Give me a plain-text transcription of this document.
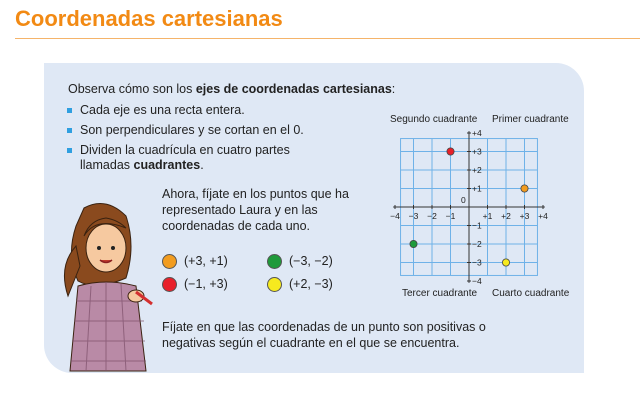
Coordenadas cartesianas
Observa cómo son los ejes de coordenadas cartesianas:
Cada eje es una recta entera.
Son perpendiculares y se cortan en el 0.
Dividen la cuadrícula en cuatro partes llamadas cuadrantes.
Ahora, fíjate en los puntos que ha representado Laura y en las coordenadas de cada uno.
(+3, +1)	(−3, −2)
(−1, +3)	(+2, −3)
Fíjate en que las coordenadas de un punto son positivas o negativas según el cuadrante en el que se encuentra.
Segundo cuadrante Primer cuadrante
Tercer cuadrante Cuarto cuadrante
−4 −3 −2 −1	+1 +2 +3 +4
+4
+3
+2
+1
−1
−2
−3
−4
0
